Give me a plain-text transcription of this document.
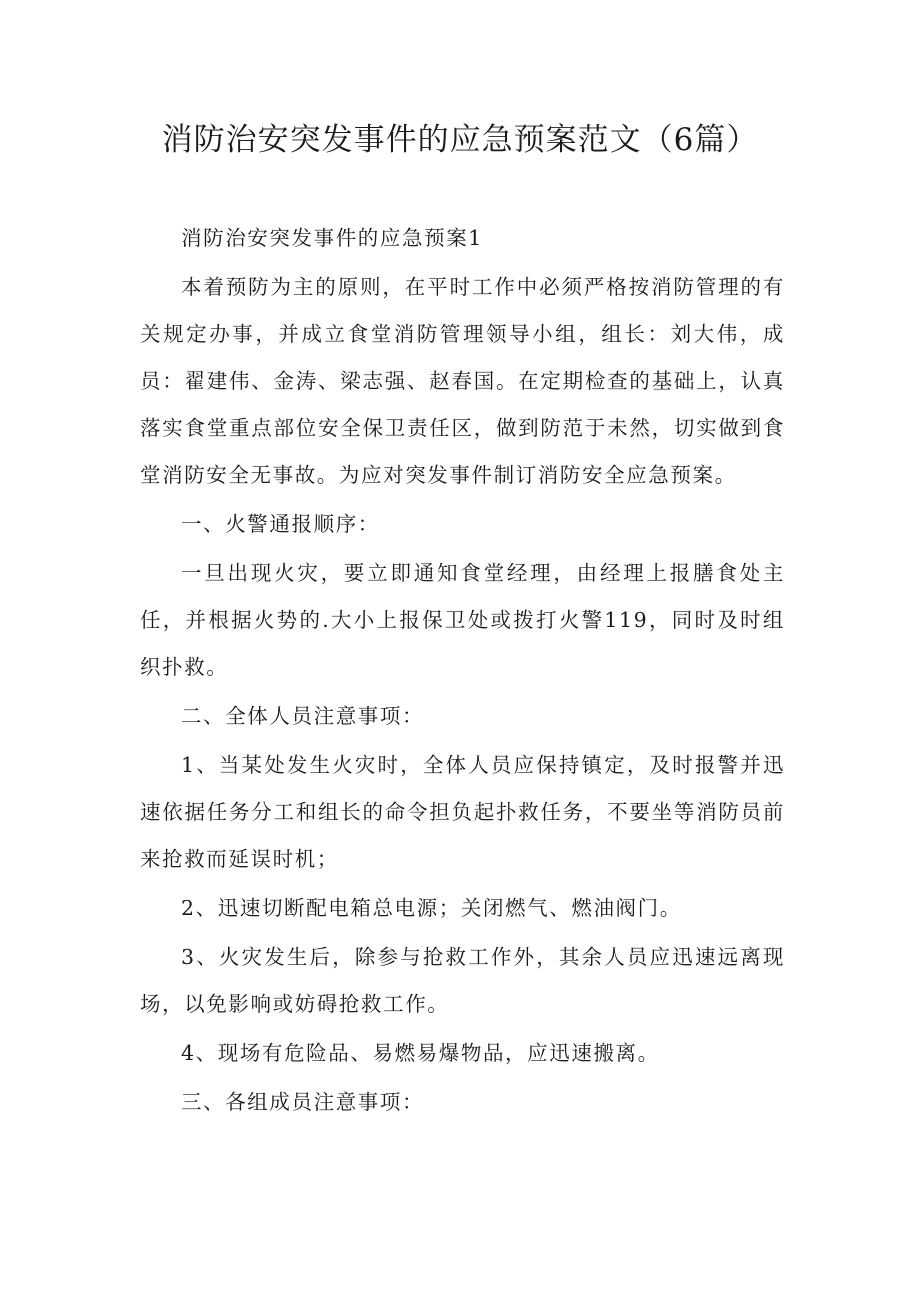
消防治安突发事件的应急预案范文（6篇）

消防治安突发事件的应急预案1

本着预防为主的原则，在平时工作中必须严格按消防管理的有关规定办事，并成立食堂消防管理领导小组，组长：刘大伟，成员：翟建伟、金涛、梁志强、赵春国。在定期检查的基础上，认真落实食堂重点部位安全保卫责任区，做到防范于未然，切实做到食堂消防安全无事故。为应对突发事件制订消防安全应急预案。

一、火警通报顺序：

一旦出现火灾，要立即通知食堂经理，由经理上报膳食处主任，并根据火势的.大小上报保卫处或拨打火警119，同时及时组织扑救。

二、全体人员注意事项：

1、当某处发生火灾时，全体人员应保持镇定，及时报警并迅速依据任务分工和组长的命令担负起扑救任务，不要坐等消防员前来抢救而延误时机；

2、迅速切断配电箱总电源；关闭燃气、燃油阀门。

3、火灾发生后，除参与抢救工作外，其余人员应迅速远离现场，以免影响或妨碍抢救工作。

4、现场有危险品、易燃易爆物品，应迅速搬离。

三、各组成员注意事项：
